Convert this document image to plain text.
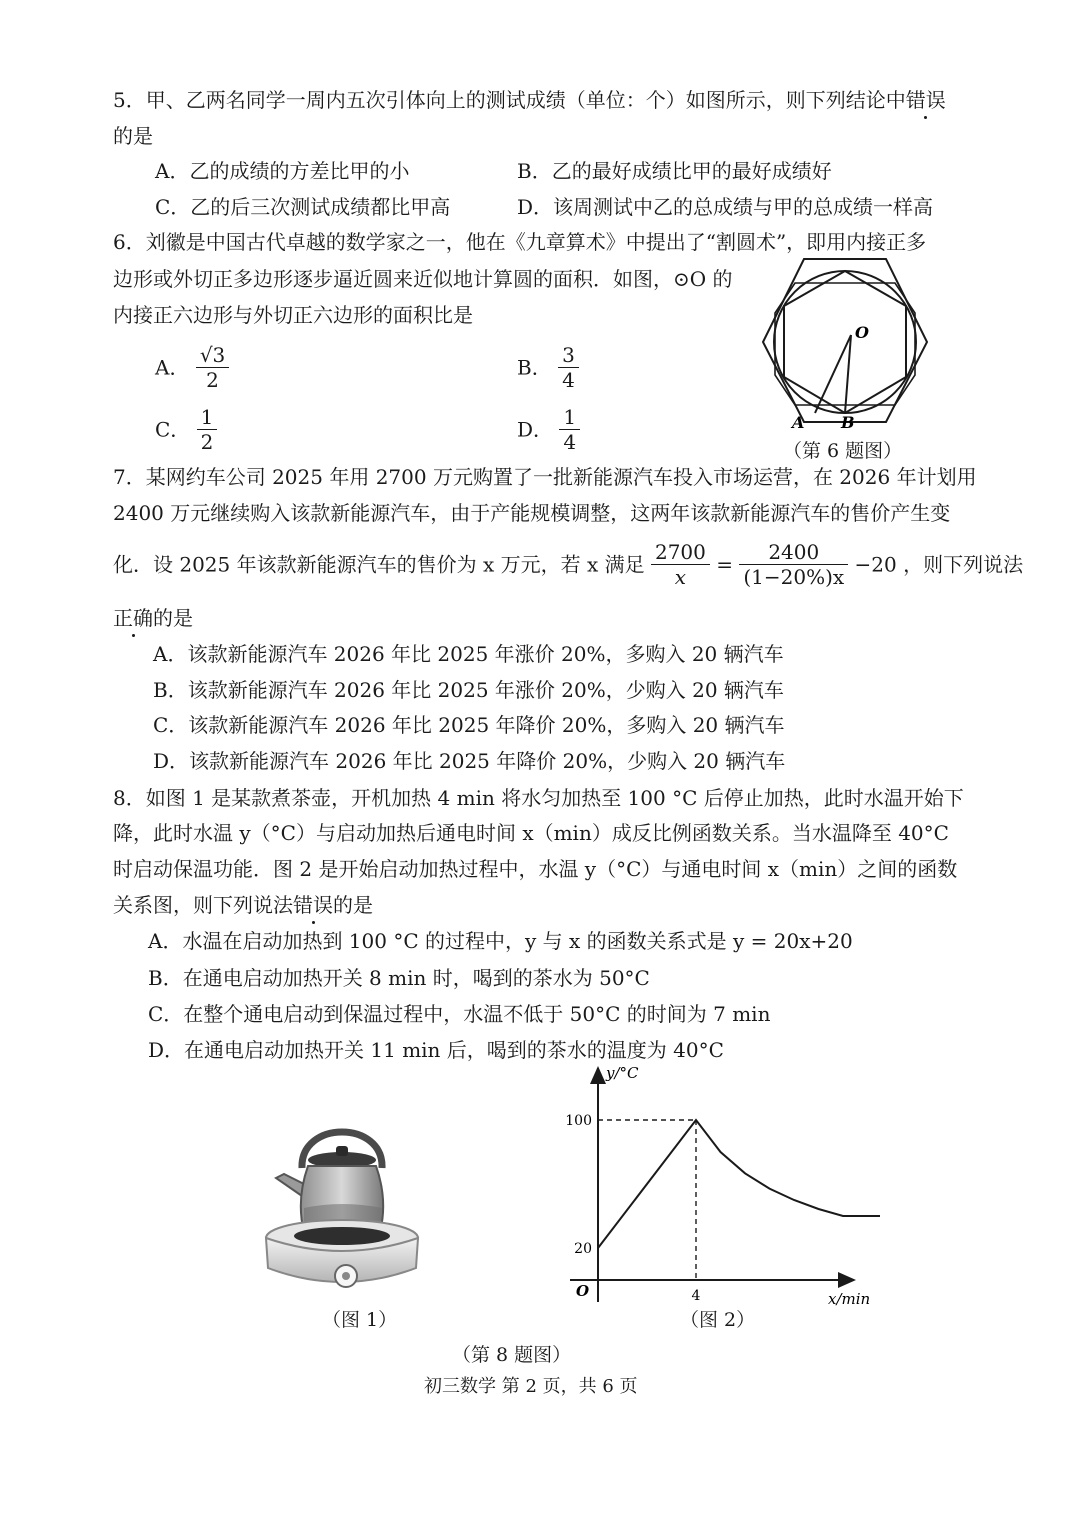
5．甲、乙两名同学一周内五次引体向上的测试成绩（单位：个）如图所示，则下列结论中错误
的是
A．乙的成绩的方差比甲的小	B．乙的最好成绩比甲的最好成绩好
C．乙的后三次测试成绩都比甲高	D．该周测试中乙的总成绩与甲的总成绩一样高
6．刘徽是中国古代卓越的数学家之一，他在《九章算术》中提出了“割圆术”，即用内接正多
边形或外切正多边形逐步逼近圆来近似地计算圆的面积．如图，⊙O 的
内接正六边形与外切正六边形的面积比是
A． $\frac{√3}{2}$	B． $\frac{3}{4}$
C． $\frac{1}{2}$	D． $\frac{1}{4}$
O
A B
（第 6 题图）
7．某网约车公司 2025 年用 2700 万元购置了一批新能源汽车投入市场运营，在 2026 年计划用
2400 万元继续购入该款新能源汽车，由于产能规模调整，这两年该款新能源汽车的售价产生变
化．设 2025 年该款新能源汽车的售价为 x 万元，若 x 满足 $\frac{2700}{x} = \frac{2400}{(1-20\%)x} -20$ ，则下列说法
正确的是
A．该款新能源汽车 2026 年比 2025 年涨价 20%，多购入 20 辆汽车
B．该款新能源汽车 2026 年比 2025 年涨价 20%，少购入 20 辆汽车
C．该款新能源汽车 2026 年比 2025 年降价 20%，多购入 20 辆汽车
D．该款新能源汽车 2026 年比 2025 年降价 20%，少购入 20 辆汽车
8．如图 1 是某款煮茶壶，开机加热 4 min 将水匀加热至 100 °C 后停止加热，此时水温开始下
降，此时水温 y（°C）与启动加热后通电时间 x（min）成反比例函数关系。当水温降至 40°C
时启动保温功能．图 2 是开始启动加热过程中，水温 y（°C）与通电时间 x（min）之间的函数
关系图，则下列说法错误的是
A．水温在启动加热到 100 °C 的过程中，y 与 x 的函数关系式是 y = 20x+20
B．在通电启动加热开关 8 min 时，喝到的茶水为 50°C
C．在整个通电启动到保温过程中，水温不低于 50°C 的时间为 7 min
D．在通电启动加热开关 11 min 后，喝到的茶水的温度为 40°C
（图 1）
y/°C
x/min
O
20
100
4
（图 2）
（第 8 题图）
初三数学 第 2 页，共 6 页
